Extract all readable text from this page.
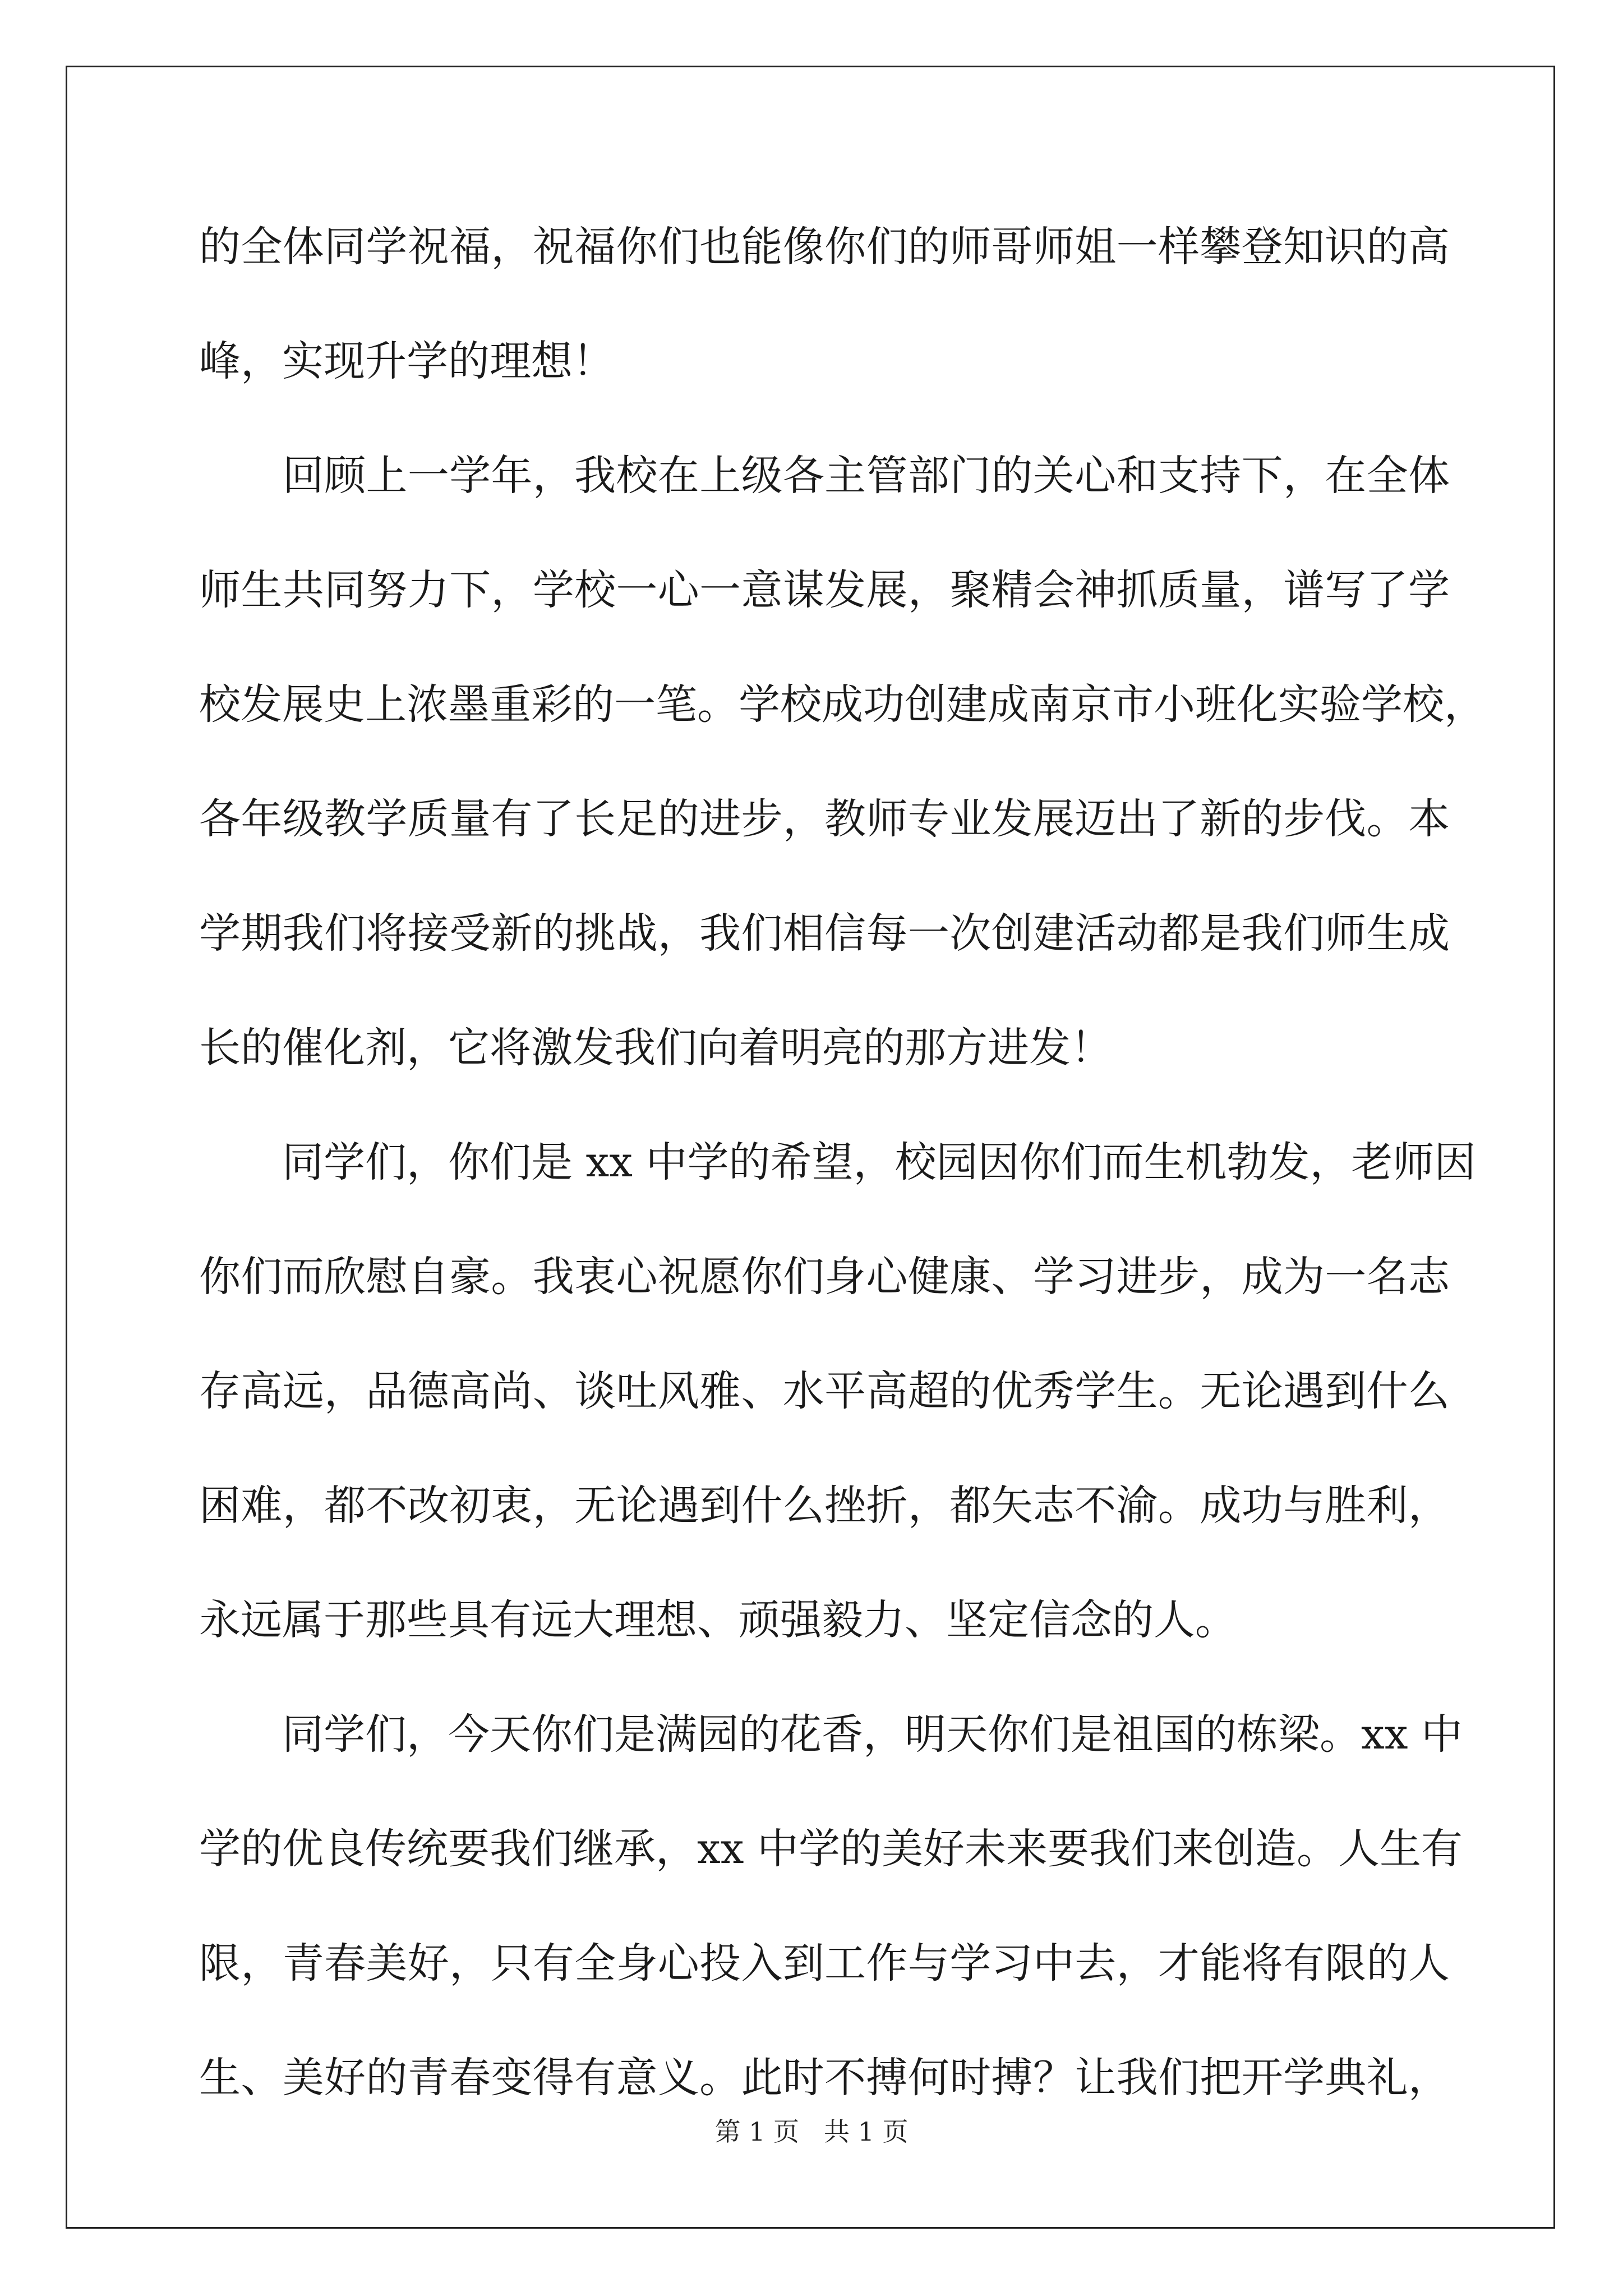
的全体同学祝福，祝福你们也能像你们的师哥师姐一样攀登知识的高
峰，实现升学的理想！
　　回顾上一学年，我校在上级各主管部门的关心和支持下，在全体
师生共同努力下，学校一心一意谋发展，聚精会神抓质量，谱写了学
校发展史上浓墨重彩的一笔。学校成功创建成南京市小班化实验学校，
各年级教学质量有了长足的进步，教师专业发展迈出了新的步伐。本
学期我们将接受新的挑战，我们相信每一次创建活动都是我们师生成
长的催化剂，它将激发我们向着明亮的那方进发！
　　同学们，你们是 xx 中学的希望，校园因你们而生机勃发，老师因
你们而欣慰自豪。我衷心祝愿你们身心健康、学习进步，成为一名志
存高远，品德高尚、谈吐风雅、水平高超的优秀学生。无论遇到什么
困难，都不改初衷，无论遇到什么挫折，都矢志不渝。成功与胜利，
永远属于那些具有远大理想、顽强毅力、坚定信念的人。
　　同学们，今天你们是满园的花香，明天你们是祖国的栋梁。xx 中
学的优良传统要我们继承，xx 中学的美好未来要我们来创造。人生有
限，青春美好，只有全身心投入到工作与学习中去，才能将有限的人
生、美好的青春变得有意义。此时不搏何时搏？让我们把开学典礼，
第 1 页 共 1 页
